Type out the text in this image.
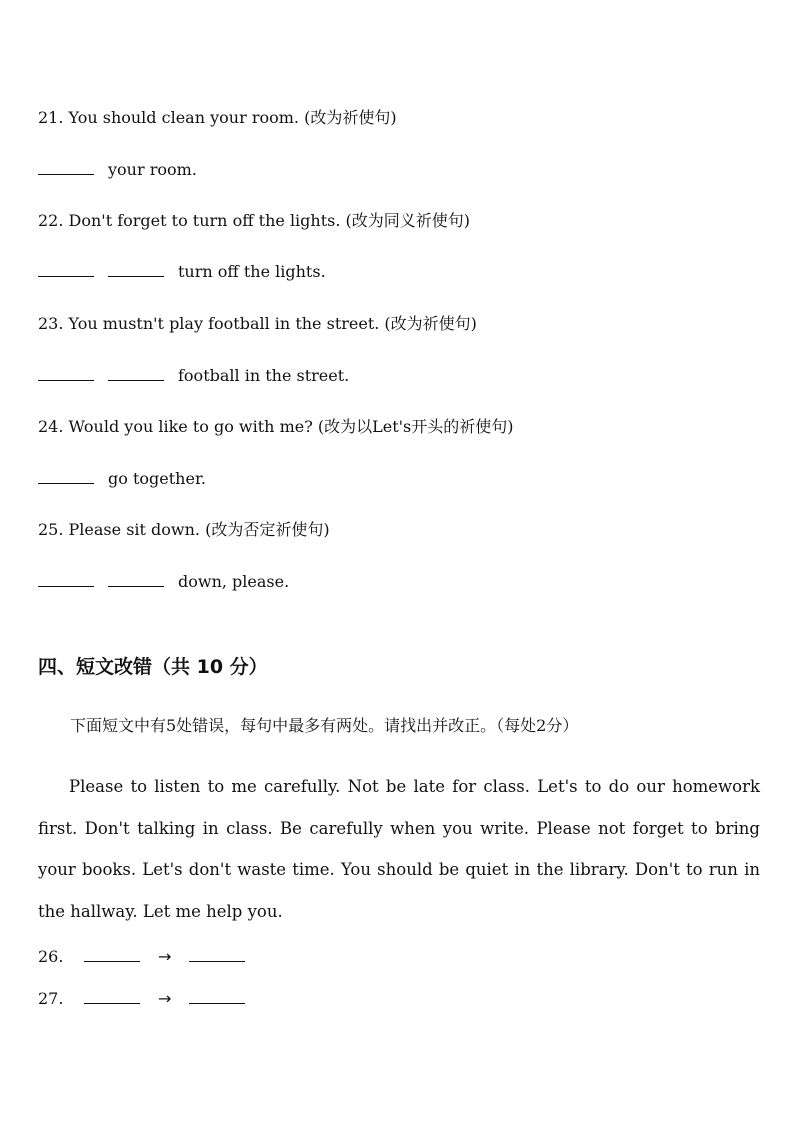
21. You should clean your room. (改为祈使句)
your room.
22. Don't forget to turn off the lights. (改为同义祈使句)
turn off the lights.
23. You mustn't play football in the street. (改为祈使句)
football in the street.
24. Would you like to go with me? (改为以Let's开头的祈使句)
go together.
25. Please sit down. (改为否定祈使句)
down, please.
四、短文改错（共 10 分）
下面短文中有5处错误，每句中最多有两处。请找出并改正。（每处2分）
Please to listen to me carefully. Not be late for class. Let's to do our homework first. Don't talking in class. Be carefully when you write. Please not forget to bring your books. Let's don't waste time. You should be quiet in the library. Don't to run in the hallway. Let me help you.
26.	→
27.	→
